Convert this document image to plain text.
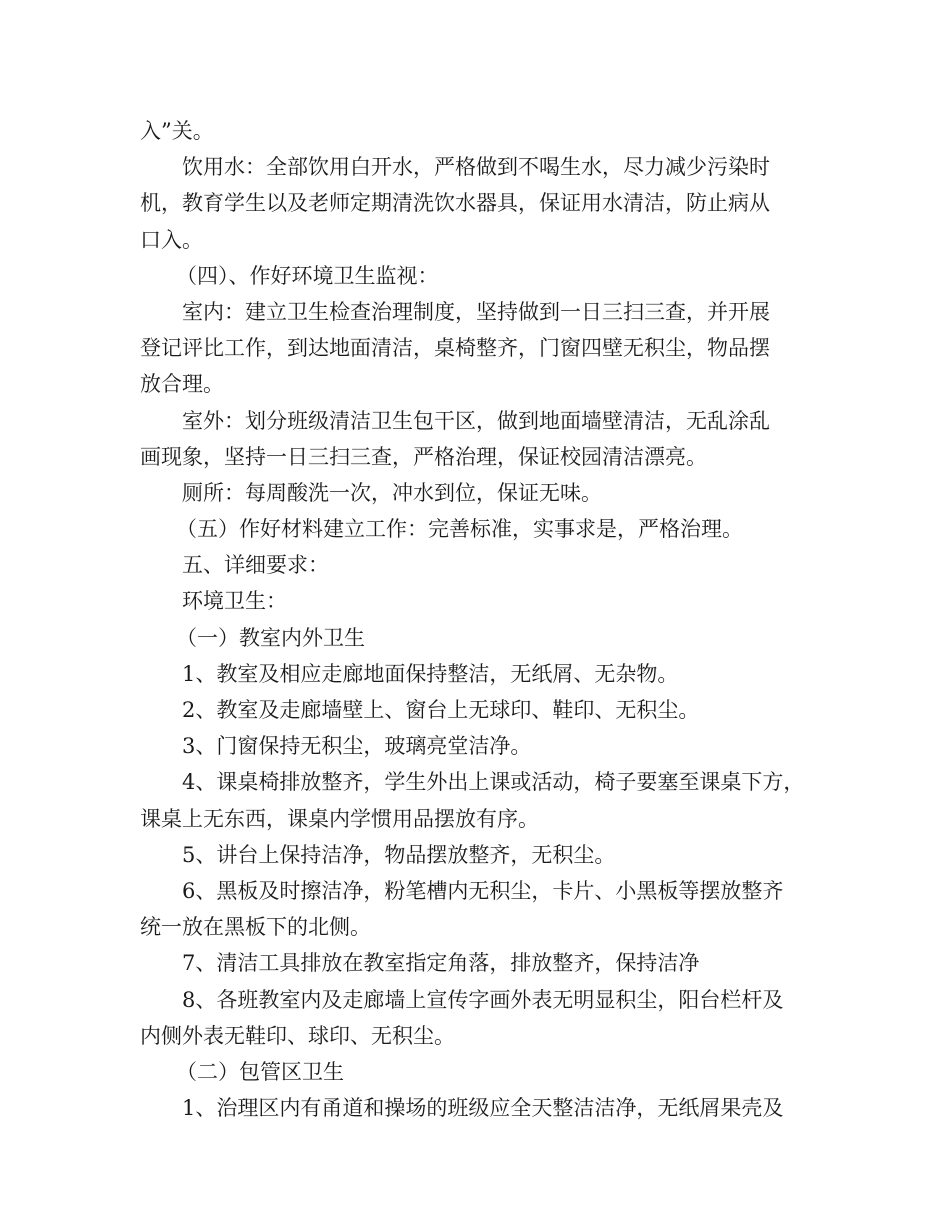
入”关。
饮用水：全部饮用白开水，严格做到不喝生水，尽力减少污染时
机，教育学生以及老师定期清洗饮水器具，保证用水清洁，防止病从
口入。
（四）、作好环境卫生监视：
室内：建立卫生检查治理制度，坚持做到一日三扫三查，并开展
登记评比工作，到达地面清洁，桌椅整齐，门窗四壁无积尘，物品摆
放合理。
室外：划分班级清洁卫生包干区，做到地面墙壁清洁，无乱涂乱
画现象，坚持一日三扫三查，严格治理，保证校园清洁漂亮。
厕所：每周酸洗一次，冲水到位，保证无味。
（五）作好材料建立工作：完善标准，实事求是，严格治理。
五、详细要求：
环境卫生：
（一）教室内外卫生
1、教室及相应走廊地面保持整洁，无纸屑、无杂物。
2、教室及走廊墙壁上、窗台上无球印、鞋印、无积尘。
3、门窗保持无积尘，玻璃亮堂洁净。
4、课桌椅排放整齐，学生外出上课或活动，椅子要塞至课桌下方，
课桌上无东西，课桌内学惯用品摆放有序。
5、讲台上保持洁净，物品摆放整齐，无积尘。
6、黑板及时擦洁净，粉笔槽内无积尘，卡片、小黑板等摆放整齐
统一放在黑板下的北侧。
7、清洁工具排放在教室指定角落，排放整齐，保持洁净
8、各班教室内及走廊墙上宣传字画外表无明显积尘，阳台栏杆及
内侧外表无鞋印、球印、无积尘。
（二）包管区卫生
1、治理区内有甬道和操场的班级应全天整洁洁净，无纸屑果壳及
